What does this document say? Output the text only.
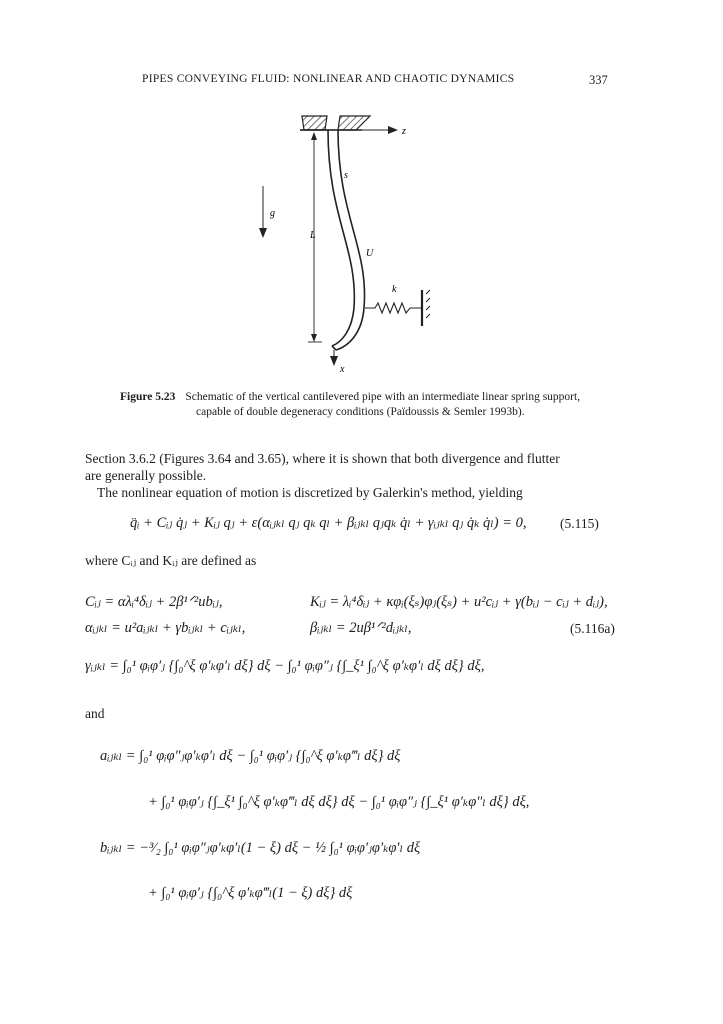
PIPES CONVEYING FLUID: NONLINEAR AND CHAOTIC DYNAMICS	337
z
L
g
s
U
k
x
Figure 5.23 Schematic of the vertical cantilevered pipe with an intermediate linear spring support,
capable of double degeneracy conditions (Païdoussis & Semler 1993b).
Section 3.6.2 (Figures 3.64 and 3.65), where it is shown that both divergence and flutter
are generally possible.
The nonlinear equation of motion is discretized by Galerkin's method, yielding
q̈ᵢ + Cᵢⱼ q̇ⱼ + Kᵢⱼ qⱼ + ε(αᵢⱼₖₗ qⱼ qₖ qₗ + βᵢⱼₖₗ qⱼqₖ q̇ₗ + γᵢⱼₖₗ qⱼ q̇ₖ q̇ₗ) = 0, (5.115)
where Cᵢⱼ and Kᵢⱼ are defined as
Cᵢⱼ = αλᵢ⁴δᵢⱼ + 2β¹ᐟ²ubᵢⱼ,	Kᵢⱼ = λᵢ⁴δᵢⱼ + κφᵢ(ξₛ)φⱼ(ξₛ) + u²cᵢⱼ + γ(bᵢⱼ − cᵢⱼ + dᵢⱼ),
αᵢⱼₖₗ = u²aᵢⱼₖₗ + γbᵢⱼₖₗ + cᵢⱼₖₗ,	βᵢⱼₖₗ = 2uβ¹ᐟ²dᵢⱼₖₗ,	(5.116a)
γᵢⱼₖₗ = ∫₀¹ φᵢφ′ⱼ {∫₀^ξ φ′ₖφ′ₗ dξ} dξ − ∫₀¹ φᵢφ″ⱼ {∫_ξ¹ ∫₀^ξ φ′ₖφ′ₗ dξ dξ} dξ,
and
aᵢⱼₖₗ = ∫₀¹ φᵢφ″ⱼφ′ₖφ′ₗ dξ − ∫₀¹ φᵢφ′ⱼ {∫₀^ξ φ′ₖφ‴ₗ dξ} dξ
+ ∫₀¹ φᵢφ′ⱼ {∫_ξ¹ ∫₀^ξ φ′ₖφ‴ₗ dξ dξ} dξ − ∫₀¹ φᵢφ″ⱼ {∫_ξ¹ φ′ₖφ″ₗ dξ} dξ,
bᵢⱼₖₗ = −³⁄₂ ∫₀¹ φᵢφ″ⱼφ′ₖφ′ₗ(1 − ξ) dξ − ½ ∫₀¹ φᵢφ′ⱼφ′ₖφ′ₗ dξ
+ ∫₀¹ φᵢφ′ⱼ {∫₀^ξ φ′ₖφ‴ₗ(1 − ξ) dξ} dξ
